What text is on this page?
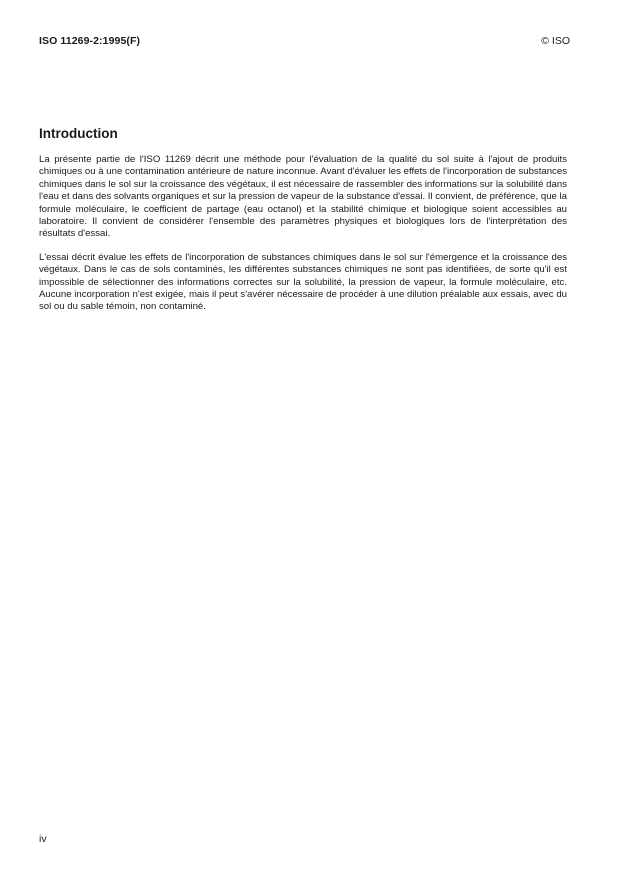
ISO 11269-2:1995(F)	© ISO
Introduction

La présente partie de l'ISO 11269 décrit une méthode pour l'évaluation de la qualité du sol suite à l'ajout de produits chimiques ou à une contamination antérieure de nature inconnue. Avant d'évaluer les effets de l'incorporation de substances chimiques dans le sol sur la croissance des végétaux, il est nécessaire de rassembler des informations sur la solubilité dans l'eau et dans des solvants organiques et sur la pression de vapeur de la substance d'essai. Il convient, de préférence, que la formule moléculaire, le coefficient de partage (eau octanol) et la stabilité chimique et biologique soient accessibles au laboratoire. Il convient de considérer l'ensemble des paramètres physiques et biologiques lors de l'interprétation des résultats d'essai.

L'essai décrit évalue les effets de l'incorporation de substances chimiques dans le sol sur l'émergence et la croissance des végétaux. Dans le cas de sols contaminés, les différentes substances chimiques ne sont pas identifiées, de sorte qu'il est impossible de sélectionner des informations correctes sur la solubilité, la pression de vapeur, la formule moléculaire, etc. Aucune incorporation n'est exigée, mais il peut s'avérer nécessaire de procéder à une dilution préalable aux essais, avec du sol ou du sable témoin, non contaminé.

iv
